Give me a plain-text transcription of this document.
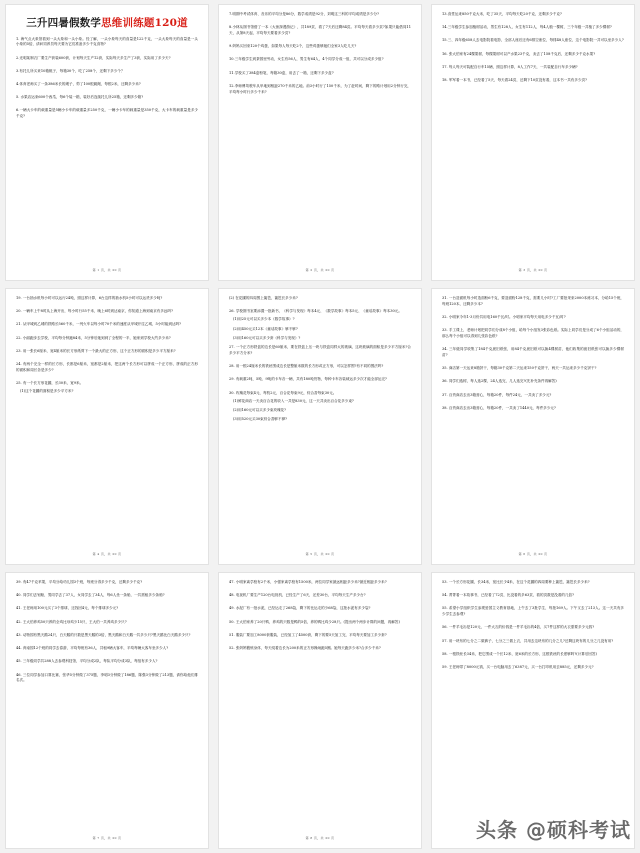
三升四暑假数学思维训练题120道
1. 海气点大象馆看到一头大象和一头小象。经了解，一头小象每天的食量是122千克，一头大象每天的食量是一头小象的5倍，请问饲养员每天要为它们准备多少千克食物?
2.光明某制衣厂要生产套装600套，计划每天生产12套，实际每天多生产了3套，实际用了多少天?
3.有托儿所买来10箱桃子，每箱30个，吃了258个，还剩下多少个？
4.体育老师买了一条386米长的绳子，剪了100根跳绳，每根2米，还剩多少米?
5. 水果店运来600个西瓜，每6个装一箱，装好后连续托儿所25箱，还剩多少箱?
6.一辆大卡车的载重量是5辆小卡车的载重量多250千克，一辆小卡车的载重量是350千克，大卡车的载重量是多少千克?
第 1 页，共 20 页
7.明期中考试体育、音乐的平均分是86分，数学成绩是92分，刘明这三科的平均成绩是多少分?
8.小林从图书馆借了一本《大侦探漫游记》，共189页，看了7天后还剩84页。平均每天看多少页?如果只能借同11天，从第8天起，平均每天要看多少页?
9.妈妈买回来120个鸡蛋，如果每人每天吃2个，这些鸡蛋够她们全家3人吃几天?
10.三年级学生到茶园里劳动，女生有56人，男生有64人，4个同学分成一组，共可以分成多少组?
11.学校买了384盒粉笔，每箱30盒，用去了一箱，还剩下多少盒?
12.李师傅驾驶车从甲地到相距270千米的乙地。前3小时行了150千米，为了赶时间，剩下的路计划用2分钟行完，平均每小时行多少千米?
第 2 页，共 20 页
13.食堂运来850千克大米，吃了35天，平均每天吃20千克，还剩多少千克?
14.三年级学生参加植树活动，男生有128人，女生有112人，每4人植一棵树，三个年级一共植了多少棵树?
15.三、四年级658人去电影院看电影，全部人座后还有6排空座位，每排48人座位，这个电影院一共可以坐多少人?
16. 张大伯家有24棵果树，每棵果树可以产水果23千克，卖去了158千克后，还剩多少千克水果?
17. 每人每天可装配自行车15辆，照这样计算，8人工作7天，一共装配自行车多少辆?
18. 军军看一本书，已经看了5天，每天看24页，还剩下10页没有看，这本书一共有多少页?
第 3 页，共 20 页
19. 一台抽水机每小时可以运行24吨，照这样计算，6台这样的抽水机5小时可以运货多少吨?
20. 一辆车上午8时从上海开出，每小时行55千米，晚上6时到达南京，你知道上海到南京有多远吗?
21. 从甲城到乙城的铁路长560千米，一列火车以每小时70千米的速度从甲城开往乙城，5小时能到达吗?
22. 小丽跑步去学校，平均每分钟跑84米，5分钟后她到到了全程的一半，她家到学校大约多少米?
23. 用一张长6厘米、宽4厘米的长方形纸剪下一个最大的正方形，这个正方形的面积是多少平方厘米?
24. 有两个完全一样的长方形，长都是6厘米，宽都是2厘米，把这两个长方形可以拼成一个正方形，拼成的正方形的面积和周长各是多少?
25. 有一个长方形花圃，长30米，宽9米。
(1)这个花圃的面积是多少平方米?
第 4 页，共 20 页
(2) 在花圃的四周围上篱笆，篱笆长多少米?
26. 学校图书室要添置一批新书，《科学与发现》每本4元、《数学故事》每本5元、《童话故事》每本30元。
(1)用25元可以买多少本《数学故事》?
(2)用450元买12本《童话故事》够不够?
(3)用160元可以买多少套《科学与发现》?
27. 一个正方形铁盒的边长是60厘米，要在铁盒上压一块与铁盒同样大的玻璃，这块玻璃的面积是多少平方厘米?合多少平方分米?
28. 用一根24厘米长的铁丝围成边长是整厘米数的长方形或正方形，可以怎样围?有不同的围法吗?
29. 有载重2吨、5吨、9吨的卡车各一辆，共有180吨货物，每种卡车各装载运多少次才能全部运完?
30. 玫瑰花每束4元、每枝2元，百合花每束9元，综合香每束30元。
(1)鲜花商店一天卖百合花的收入一共是830元，这一天共卖出百合花多少束?
(2)用160元可以买多少束玫瑰花?
(3)用520元买30束综合香够不够?
第 5 页，共 20 页
31. 一台造面机每小时造面粉6千克，要造面粉128千克，需要几小时?工厂要批采来2000本练习本，分给15个班，每班120本，还剩多少本?
32. 小明家今年1-3月份共用电160千瓦/时。小明家平均每天用电多少千瓦/时?
33. 手工课上，老师计划把同学们分成8个小组，给每个小组发3张彩色纸。实际上同学们是分成了6个小组活动的，那么每个小组可以得到几张彩色纸?
34. 三年级同学收集了184千克废旧纸张，用84千克废旧纸可以换4棵树苗，他们收集的废旧纸张可以换多少棵树苗?
35. 商店第一天运来8箱饼干，每箱30千克第二天运来150千克饼干，两天一共运来多少千克饼干?
36. 同学们选树，每人选2棵，24人选完，几人选完?(先补充条件再解答)
37. 百货商店去出3箱营心，每箱20件，每件24元，一共卖了多少元?
38. 百货商店去出3箱营心，每箱20件，一共卖了1440元，每件多少元?
第 6 页，共 20 页
39. 有47千克苹果，平均分给幼儿园3个班，每班分得多少千克，还剩多少千克?
40. 同学们去划船，男同学去了37人，女同学去了34人，每6人坐一条船，一共需租多少条船?
41. 王老师用100元买了3个排球，还找回4元，每个排球多少元?
42. 王大伯养鸡50只养的全鸡比母鸡少15只，王大伯一共养鸡多少只?
43. 动物园有黑天鹅24只，白天鹅的只数是黑天鹅的3倍，黑天鹅和白天鹅一共多少只?黑天鹅比白天鹅多少只?
44. 育南园12个班的同学去春游，平均每班有36人，共租9辆大客车，平均每辆大客车坐多少人?
45. 三年级同学共288人去参观科技馆，平均分成2队，每队平均分成3队，每组有多少人?
46. 三位同学参加口算比赛，张华5分钟做了375题，李明3分钟做了186题，陈强3分钟做了213题，请你给他们排名次。
第 7 页，共 20 页
47. 小明家离学校有2千米，小强家离学校有1500米，两位同学家最远相距多少米?最近相距多少米?
48. 电视机厂要生产120台电视机，已经生产了6天，还差30台，平均每天生产多少台?
49. 水泥厂有一批水泥，已经运走了268袋，剩下的比运走的少68袋，这批水泥有多少袋?
50. 王大伯家养了20只鸭，养鸡的只数是鸭的5倍，养的鸭比鸡少28只。(提出两个两步计算的问题，再解答)
51. 服装厂要加工8000套服装，已经加工了4500套，剩下的要5天加工完，平均每天要加工多少套?
52. 张妈妈锻炼身体，每天绕着边长为200米的正方形操场跑5圈。她每天跑多少米?合多少千米?
第 8 页，共 20 页
53. 一个长方形花圃，长34米，宽比长少4米，在这个花圃的四周要种上篱笆，篱笆长多少米?
54. 菁菁看一本故事书，已经看了72页，比没看的多63页，看的页数是没看的几倍?
55. 希望小学组织学生参观爱国主义教育基地，上午去了3批学生，每批169人。下午又去了213人。这一天共有多少学生去参观?
56. 一件羊毛衫是120元，一件大衣的价钱是一件羊毛衫的4倍，买7件这样的大衣需要多少元钱?
57. 用一块布的七分之二做裤子，七分之三做上衣，共用去这块布的几分之几?还剩这块布的几分之几没有用?
58. 一根铁丝长34米，把它围成一个长12米、宽6米的长方形，这根铁丝的长度够吗?(计算后回答)
59. 王老师带了8000元钱，买一台电脑用去了6387元，买一台打印机用去885元，还剩多少元?
头条 @硕科考试
